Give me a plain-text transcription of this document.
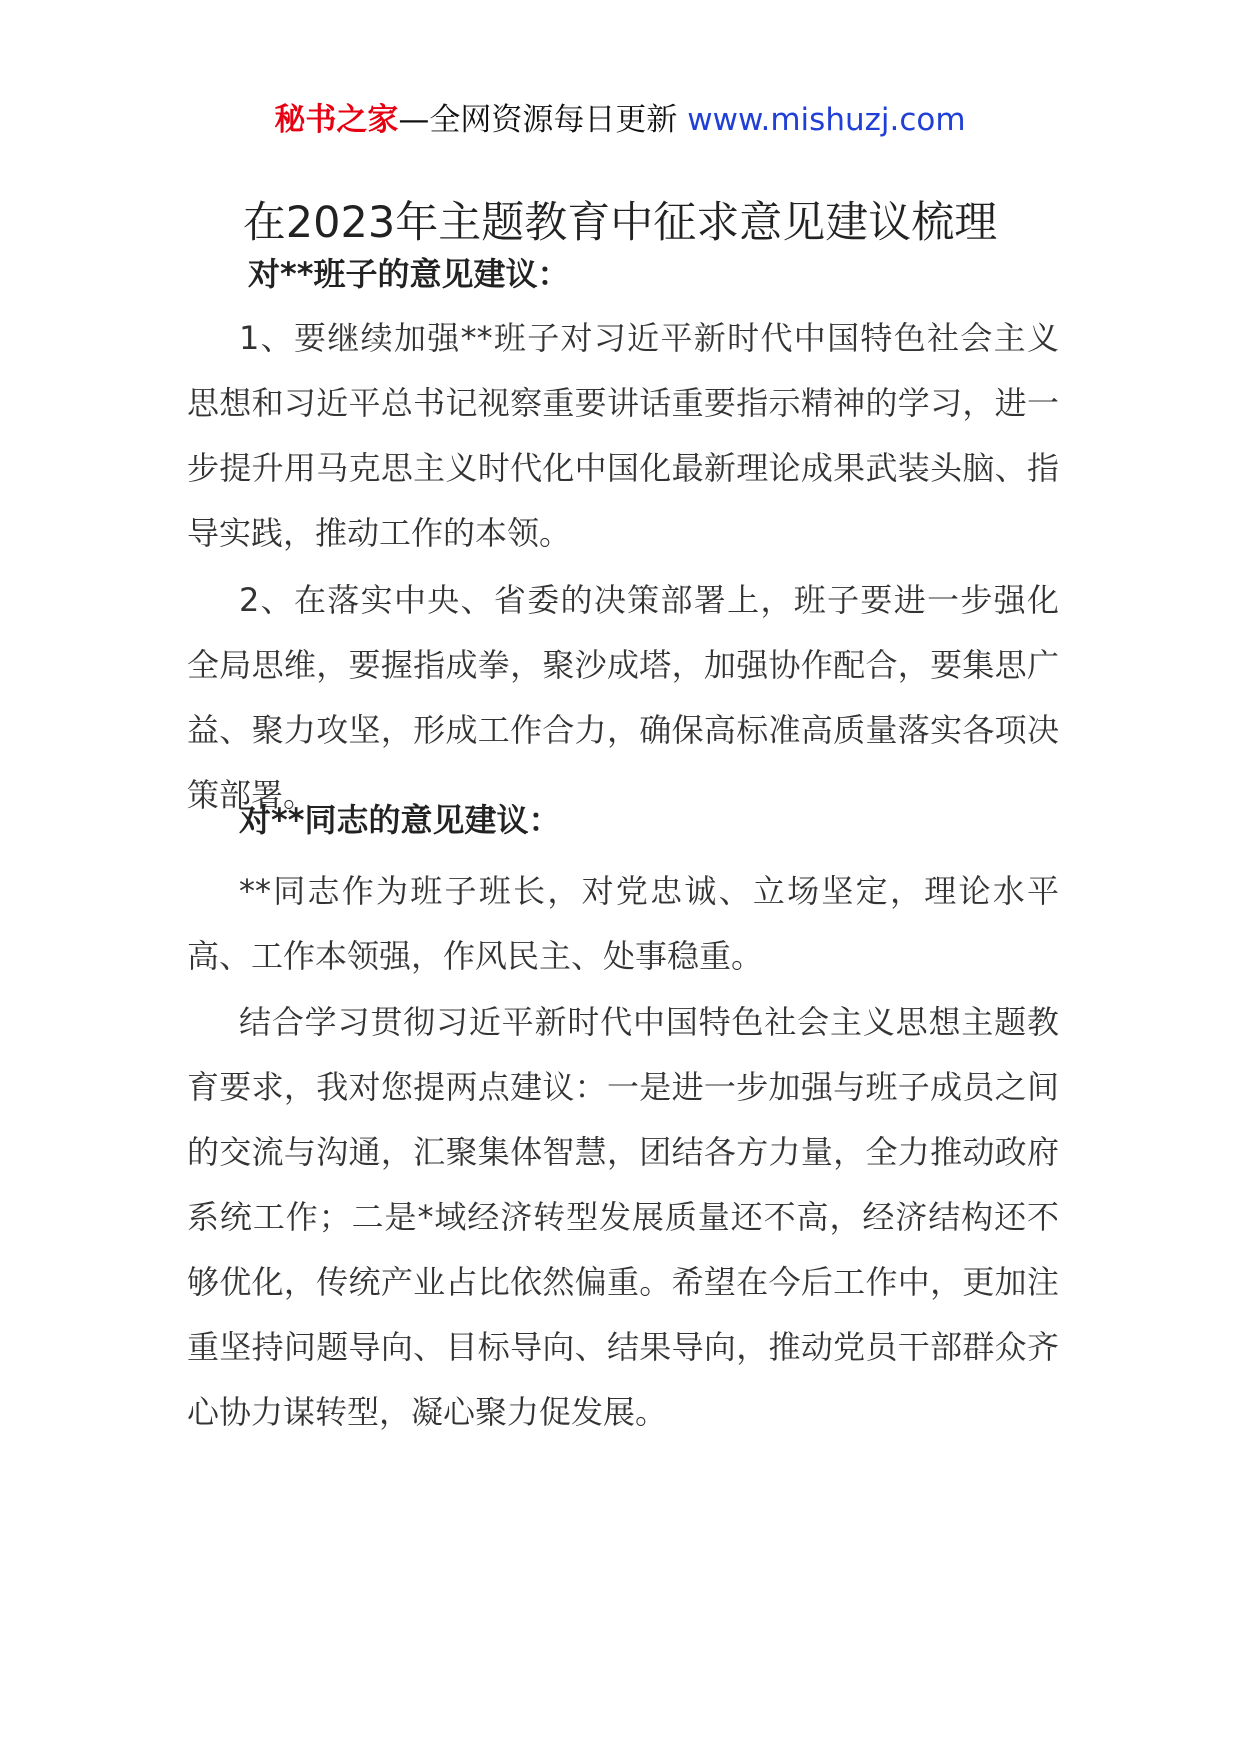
秘书之家—全网资源每日更新 www.mishuzj.com
在2023年主题教育中征求意见建议梳理
对**班子的意见建议：

1、要继续加强**班子对习近平新时代中国特色社会主义思想和习近平总书记视察重要讲话重要指示精神的学习，进一步提升用马克思主义时代化中国化最新理论成果武装头脑、指导实践，推动工作的本领。

2、在落实中央、省委的决策部署上，班子要进一步强化全局思维，要握指成拳，聚沙成塔，加强协作配合，要集思广益、聚力攻坚，形成工作合力，确保高标准高质量落实各项决策部署。

对**同志的意见建议：

**同志作为班子班长，对党忠诚、立场坚定，理论水平高、工作本领强，作风民主、处事稳重。

结合学习贯彻习近平新时代中国特色社会主义思想主题教育要求，我对您提两点建议：一是进一步加强与班子成员之间的交流与沟通，汇聚集体智慧，团结各方力量，全力推动政府系统工作；二是*域经济转型发展质量还不高，经济结构还不够优化，传统产业占比依然偏重。希望在今后工作中，更加注重坚持问题导向、目标导向、结果导向，推动党员干部群众齐心协力谋转型，凝心聚力促发展。
